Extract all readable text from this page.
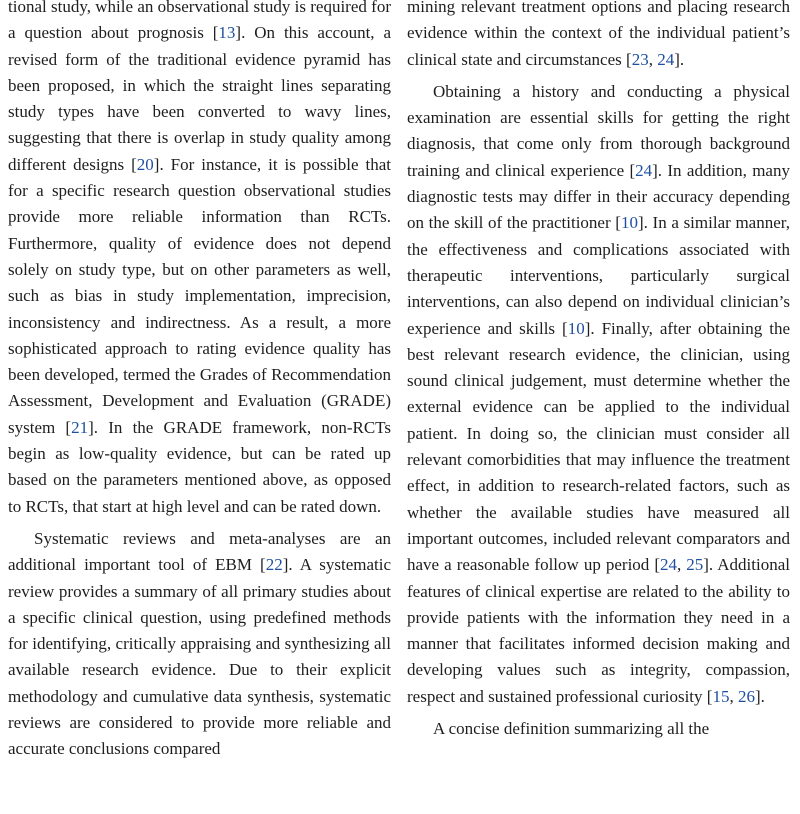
tional study, while an observational study is required for a question about prognosis [13]. On this account, a revised form of the traditional evidence pyramid has been proposed, in which the straight lines separating study types have been converted to wavy lines, suggesting that there is overlap in study quality among different designs [20]. For instance, it is possible that for a specific research question observational studies provide more reliable information than RCTs. Furthermore, quality of evidence does not depend solely on study type, but on other parameters as well, such as bias in study implementation, imprecision, inconsistency and indirectness. As a result, a more sophisticated approach to rating evidence quality has been developed, termed the Grades of Recommendation Assessment, Development and Evaluation (GRADE) system [21]. In the GRADE framework, non-RCTs begin as low-quality evidence, but can be rated up based on the parameters mentioned above, as opposed to RCTs, that start at high level and can be rated down.

Systematic reviews and meta-analyses are an additional important tool of EBM [22]. A systematic review provides a summary of all primary studies about a specific clinical question, using predefined methods for identifying, critically appraising and synthesizing all available research evidence. Due to their explicit methodology and cumulative data synthesis, systematic reviews are considered to provide more reliable and accurate conclusions compared

mining relevant treatment options and placing research evidence within the context of the individual patient’s clinical state and circumstances [23, 24].

Obtaining a history and conducting a physical examination are essential skills for getting the right diagnosis, that come only from thorough background training and clinical experience [24]. In addition, many diagnostic tests may differ in their accuracy depending on the skill of the practitioner [10]. In a similar manner, the effectiveness and complications associated with therapeutic interventions, particularly surgical interventions, can also depend on individual clinician’s experience and skills [10]. Finally, after obtaining the best relevant research evidence, the clinician, using sound clinical judgement, must determine whether the external evidence can be applied to the individual patient. In doing so, the clinician must consider all relevant comorbidities that may influence the treatment effect, in addition to research-related factors, such as whether the available studies have measured all important outcomes, included relevant comparators and have a reasonable follow up period [24, 25]. Additional features of clinical expertise are related to the ability to provide patients with the information they need in a manner that facilitates informed decision making and developing values such as integrity, compassion, respect and sustained professional curiosity [15, 26].

A concise definition summarizing all the
